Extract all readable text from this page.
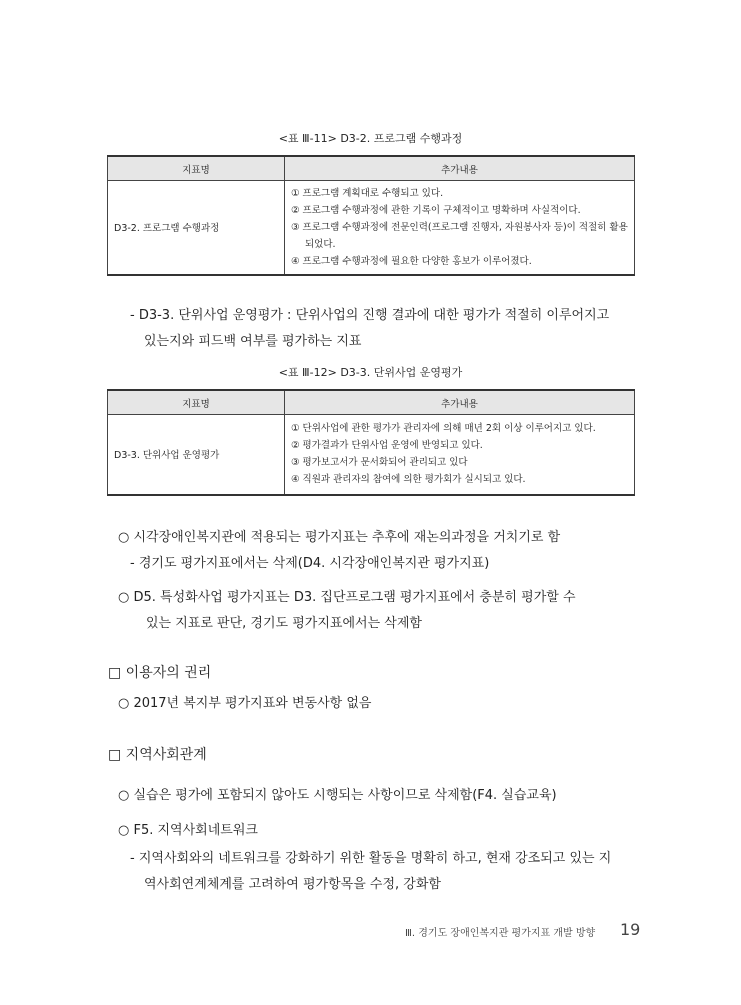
<표 Ⅲ-11> D3-2. 프로그램 수행과정
지표명	추가내용
D3-2. 프로그램 수행과정	① 프로그램 계획대로 수행되고 있다.
② 프로그램 수행과정에 관한 기록이 구체적이고 명확하며 사실적이다.
③ 프로그램 수행과정에 전문인력(프로그램 진행자, 자원봉사자 등)이 적절히 활용되었다.
④ 프로그램 수행과정에 필요한 다양한 홍보가 이루어졌다.
- D3-3. 단위사업 운영평가 : 단위사업의 진행 결과에 대한 평가가 적절히 이루어지고
있는지와 피드백 여부를 평가하는 지표
<표 Ⅲ-12> D3-3. 단위사업 운영평가
지표명	추가내용
D3-3. 단위사업 운영평가	① 단위사업에 관한 평가가 관리자에 의해 매년 2회 이상 이루어지고 있다.
② 평가결과가 단위사업 운영에 반영되고 있다.
③ 평가보고서가 문서화되어 관리되고 있다
④ 직원과 관리자의 참여에 의한 평가회가 실시되고 있다.
○ 시각장애인복지관에 적용되는 평가지표는 추후에 재논의과정을 거치기로 함
- 경기도 평가지표에서는 삭제(D4. 시각장애인복지관 평가지표)
○ D5. 특성화사업 평가지표는 D3. 집단프로그램 평가지표에서 충분히 평가할 수
있는 지표로 판단, 경기도 평가지표에서는 삭제함
□ 이용자의 권리
○ 2017년 복지부 평가지표와 변동사항 없음
□ 지역사회관계
○ 실습은 평가에 포함되지 않아도 시행되는 사항이므로 삭제함(F4. 실습교육)
○ F5. 지역사회네트워크
- 지역사회와의 네트워크를 강화하기 위한 활동을 명확히 하고, 현재 강조되고 있는 지
역사회연계체계를 고려하여 평가항목을 수정, 강화함
Ⅲ. 경기도 장애인복지관 평가지표 개발 방향 19
